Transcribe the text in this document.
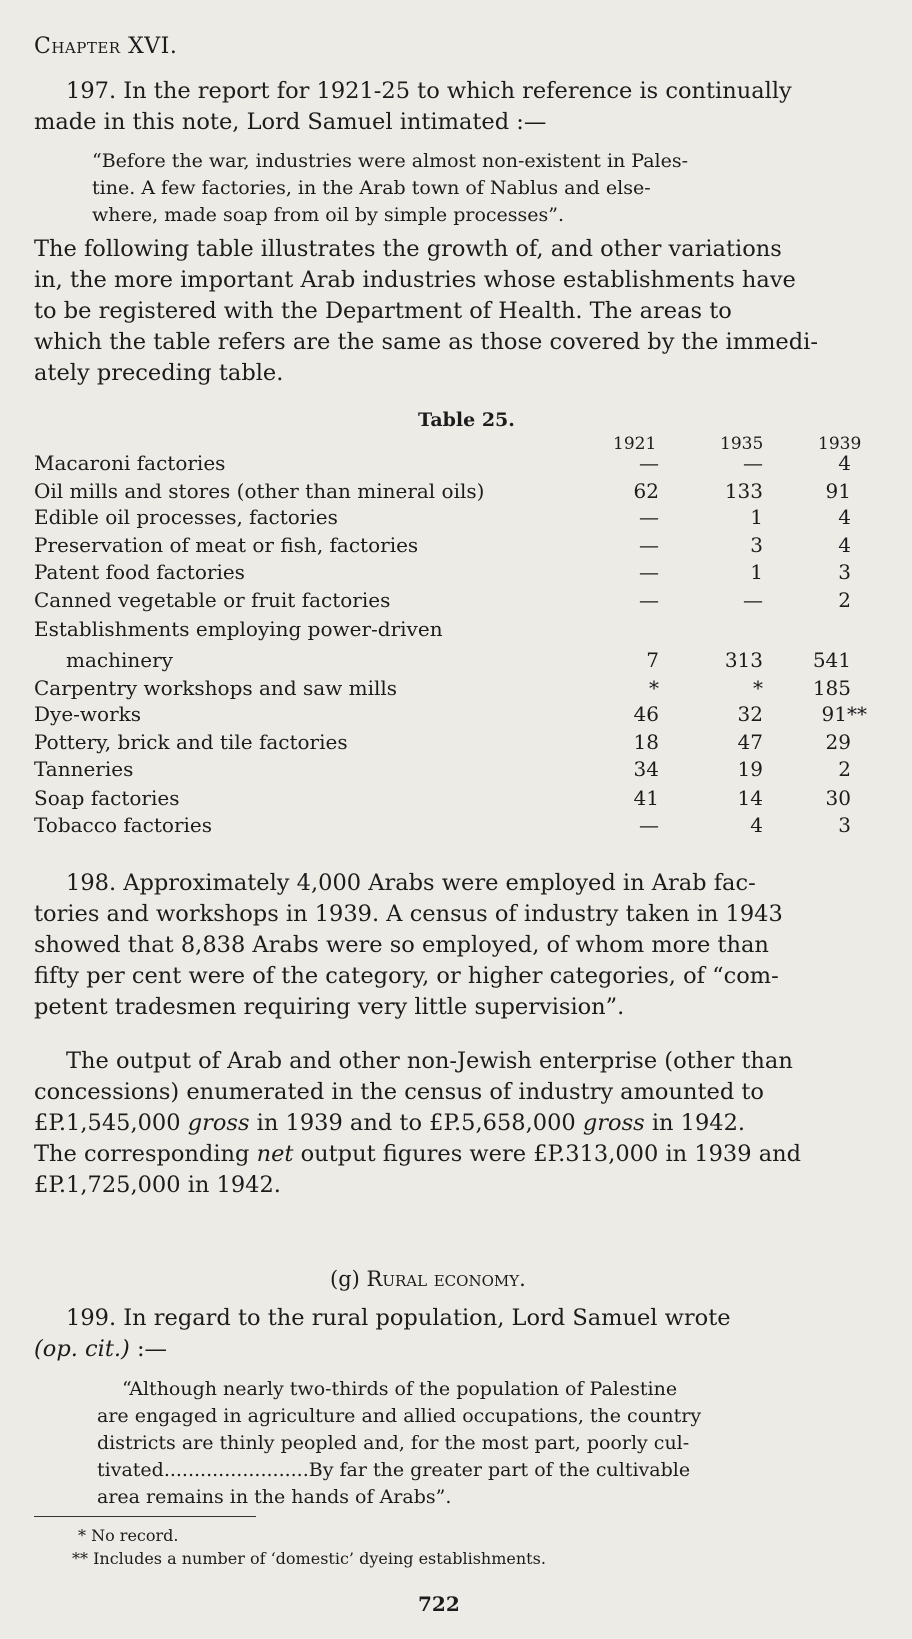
Chapter XVI.
197. In the report for 1921-25 to which reference is continually
made in this note, Lord Samuel intimated :—
“Before the war, industries were almost non-existent in Pales-
tine. A few factories, in the Arab town of Nablus and else-
where, made soap from oil by simple processes”.
The following table illustrates the growth of, and other variations
in, the more important Arab industries whose establishments have
to be registered with the Department of Health. The areas to
which the table refers are the same as those covered by the immedi-
ately preceding table.
Table 25.
1921	1935	1939
Macaroni factories	—	—	4
Oil mills and stores (other than mineral oils)	62	133	91
Edible oil processes, factories	—	1	4
Preservation of meat or fish, factories	—	3	4
Patent food factories	—	1	3
Canned vegetable or fruit factories	—	—	2
Establishments employing power-driven
machinery	7	313	541
Carpentry workshops and saw mills	*	*	185
Dye-works	46	32	91**
Pottery, brick and tile factories	18	47	29
Tanneries	34	19	2
Soap factories	41	14	30
Tobacco factories	—	4	3
198. Approximately 4,000 Arabs were employed in Arab fac-
tories and workshops in 1939. A census of industry taken in 1943
showed that 8,838 Arabs were so employed, of whom more than
fifty per cent were of the category, or higher categories, of “com-
petent tradesmen requiring very little supervision”.
The output of Arab and other non-Jewish enterprise (other than
concessions) enumerated in the census of industry amounted to
£P.1,545,000 gross in 1939 and to £P.5,658,000 gross in 1942.
The corresponding net output figures were £P.313,000 in 1939 and
£P.1,725,000 in 1942.
(g) Rural economy.
199. In regard to the rural population, Lord Samuel wrote
(op. cit.) :—
“Although nearly two-thirds of the population of Palestine
are engaged in agriculture and allied occupations, the country
districts are thinly peopled and, for the most part, poorly cul-
tivated........................By far the greater part of the cultivable
area remains in the hands of Arabs”.
* No record.
** Includes a number of ‘domestic’ dyeing establishments.
722
